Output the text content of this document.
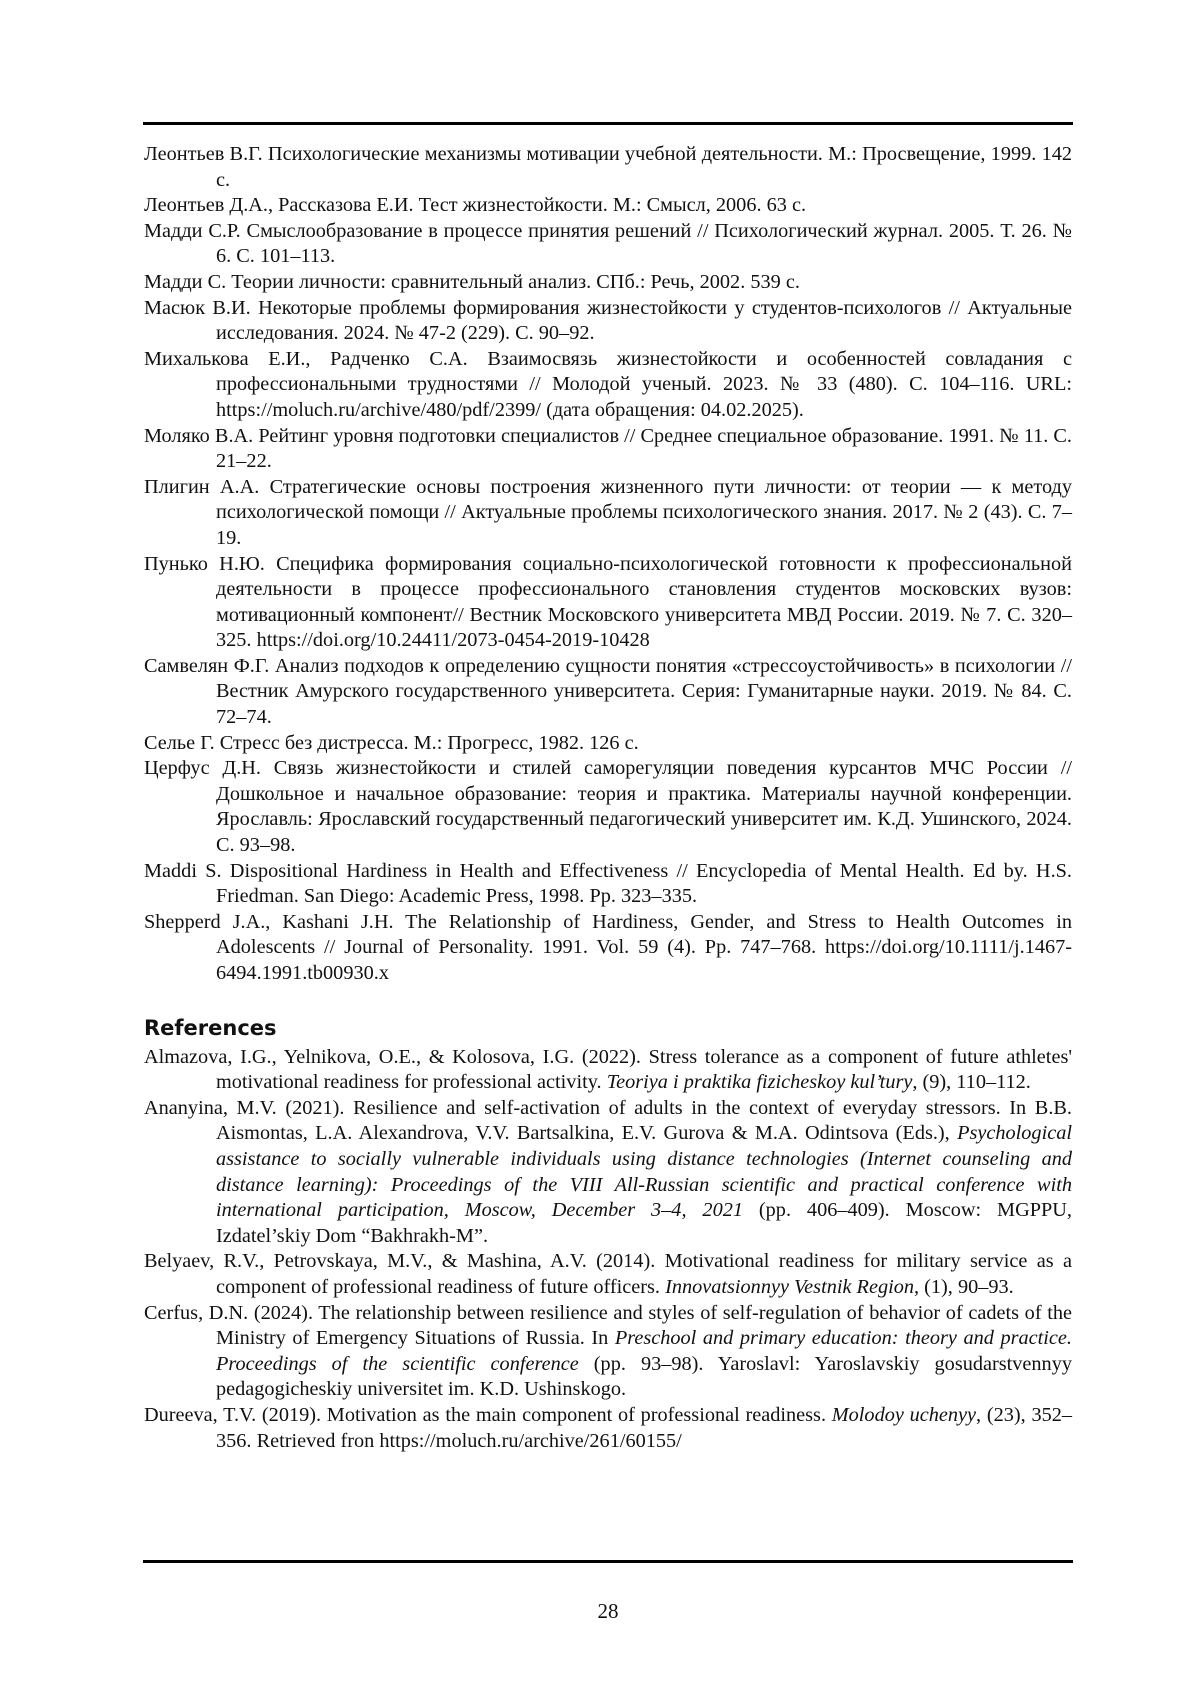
Леонтьев В.Г. Психологические механизмы мотивации учебной деятельности. М.: Просвеще­ние, 1999. 142 с.

Леонтьев Д.А., Рассказова Е.И. Тест жизнестойкости. М.: Смысл, 2006. 63 с.

Мадди С.Р. Смыслообразование в процессе принятия решений // Психологический журнал. 2005. Т. 26. № 6. С. 101–113.

Мадди С. Теории личности: сравнительный анализ. СПб.: Речь, 2002. 539 с.

Масюк В.И. Некоторые проблемы формирования жизнестойкости у студентов-психологов // Актуальные исследования. 2024. № 47-2 (229). С. 90–92.

Михалькова Е.И., Радченко С.А. Взаимосвязь жизнестойкости и особенностей совладания с профессиональными трудностями // Молодой ученый. 2023. № 33 (480). С. 104–116. URL: https://moluch.ru/archive/480/pdf/2399/ (дата обращения: 04.02.2025).

Моляко В.А. Рейтинг уровня подготовки специалистов // Среднее специальное образование. 1991. № 11. С. 21–22.

Плигин А.А. Стратегические основы построения жизненного пути личности: от теории — к ме­тоду психологической помощи // Актуальные проблемы психологического знания. 2017. № 2 (43). С. 7–19.

Пунько Н.Ю. Специфика формирования социально-психологической готовности к профессио­нальной деятельности в процессе профессионального становления студентов москов­ских вузов: мотивационный компонент// Вестник Московского университета МВД Рос­сии. 2019. № 7. С. 320–325. https://doi.org/10.24411/2073-0454-2019-10428

Самвелян Ф.Г. Анализ подходов к определению сущности понятия «стрессоустойчивость» в психологии // Вестник Амурского государственного университета. Серия: Гуманитар­ные науки. 2019. № 84. С. 72–74.

Селье Г. Стресс без дистресса. М.: Прогресс, 1982. 126 с.

Церфус Д.Н. Связь жизнестойкости и стилей саморегуляции поведения курсантов МЧС России // Дошкольное и начальное образование: теория и практика. Материалы научной конференции. Ярославль: Ярославский государственный педагогический университет им. К.Д. Ушинского, 2024. С. 93–98.

Maddi S. Dispositional Hardiness in Health and Effectiveness // Encyclopedia of Mental Health. Ed by. H.S. Friedman. San Diego: Academic Press, 1998. Pp. 323–335.

Shepperd J.A., Kashani J.H. The Relationship of Hardiness, Gender, and Stress to Health Outcomes in Adolescents // Journal of Personality. 1991. Vol. 59 (4). Pp. 747–768. https://doi.org/10.1111/j.1467-6494.1991.tb00930.x

References

Almazova, I.G., Yelnikova, O.E., & Kolosova, I.G. (2022). Stress tolerance as a component of future athletes' motivational readiness for professional activity. Teoriya i praktika fizicheskoy kul’tury, (9), 110–112.

Ananyina, M.V. (2021). Resilience and self-activation of adults in the context of everyday stressors. In B.B. Aismontas, L.A. Alexandrova, V.V. Bartsalkina, E.V. Gurova & M.A. Odintsova (Eds.), Psychological assistance to socially vulnerable individuals using distance technologies (Inter­net counseling and distance learning): Proceedings of the VIII All-Russian scientific and prac­tical conference with international participation, Moscow, December 3–4, 2021 (pp. 406–409). Moscow: MGPPU, Izdatel’skiy Dom “Bakhrakh-M”.

Belyaev, R.V., Petrovskaya, M.V., & Mashina, A.V. (2014). Motivational readiness for military ser­vice as a component of professional readiness of future officers. Innovatsionnyy Vestnik Re­gion, (1), 90–93.

Cerfus, D.N. (2024). The relationship between resilience and styles of self-regulation of behavior of cadets of the Ministry of Emergency Situations of Russia. In Preschool and primary educa­tion: theory and practice. Proceedings of the scientific conference (pp. 93–98). Yaroslavl: Ya­roslavskiy gosudarstvennyy pedagogicheskiy universitet im. K.D. Ushinskogo.

Dureeva, T.V. (2019). Motivation as the main component of professional readiness. Molodoy uchenyy, (23), 352–356. Retrieved fron https://moluch.ru/archive/261/60155/

28
